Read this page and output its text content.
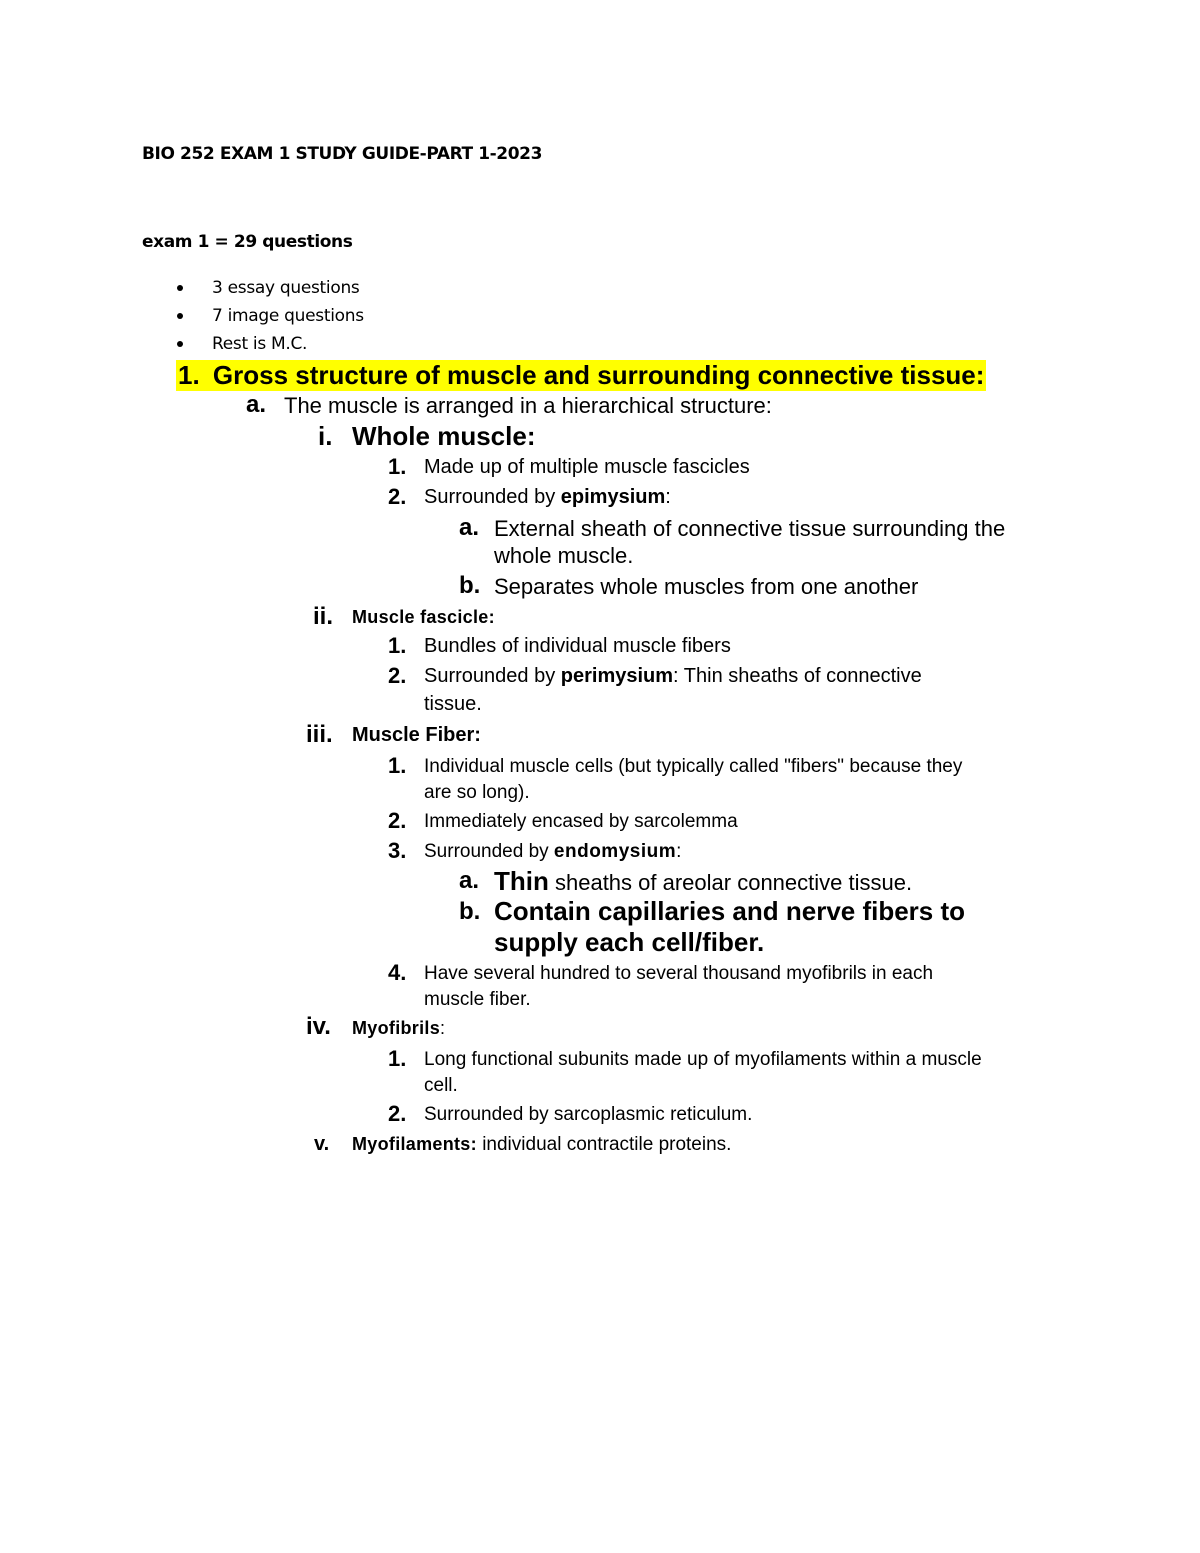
BIO 252 EXAM 1 STUDY GUIDE-PART 1-2023
exam 1 = 29 questions
3 essay questions
7 image questions
Rest is M.C.
1. Gross structure of muscle and surrounding connective tissue:
a. The muscle is arranged in a hierarchical structure:
i. Whole muscle:
1. Made up of multiple muscle fascicles
2. Surrounded by epimysium:
a. External sheath of connective tissue surrounding the
whole muscle.
b. Separates whole muscles from one another
ii. Muscle fascicle:
1. Bundles of individual muscle fibers
2. Surrounded by perimysium: Thin sheaths of connective
tissue.
iii. Muscle Fiber:
1. Individual muscle cells (but typically called "fibers" because they
are so long).
2. Immediately encased by sarcolemma
3. Surrounded by endomysium:
a. Thin sheaths of areolar connective tissue.
b. Contain capillaries and nerve fibers to
supply each cell/fiber.
4. Have several hundred to several thousand myofibrils in each
muscle fiber.
iv. Myofibrils:
1. Long functional subunits made up of myofilaments within a muscle
cell.
2. Surrounded by sarcoplasmic reticulum.
v. Myofilaments: individual contractile proteins.
